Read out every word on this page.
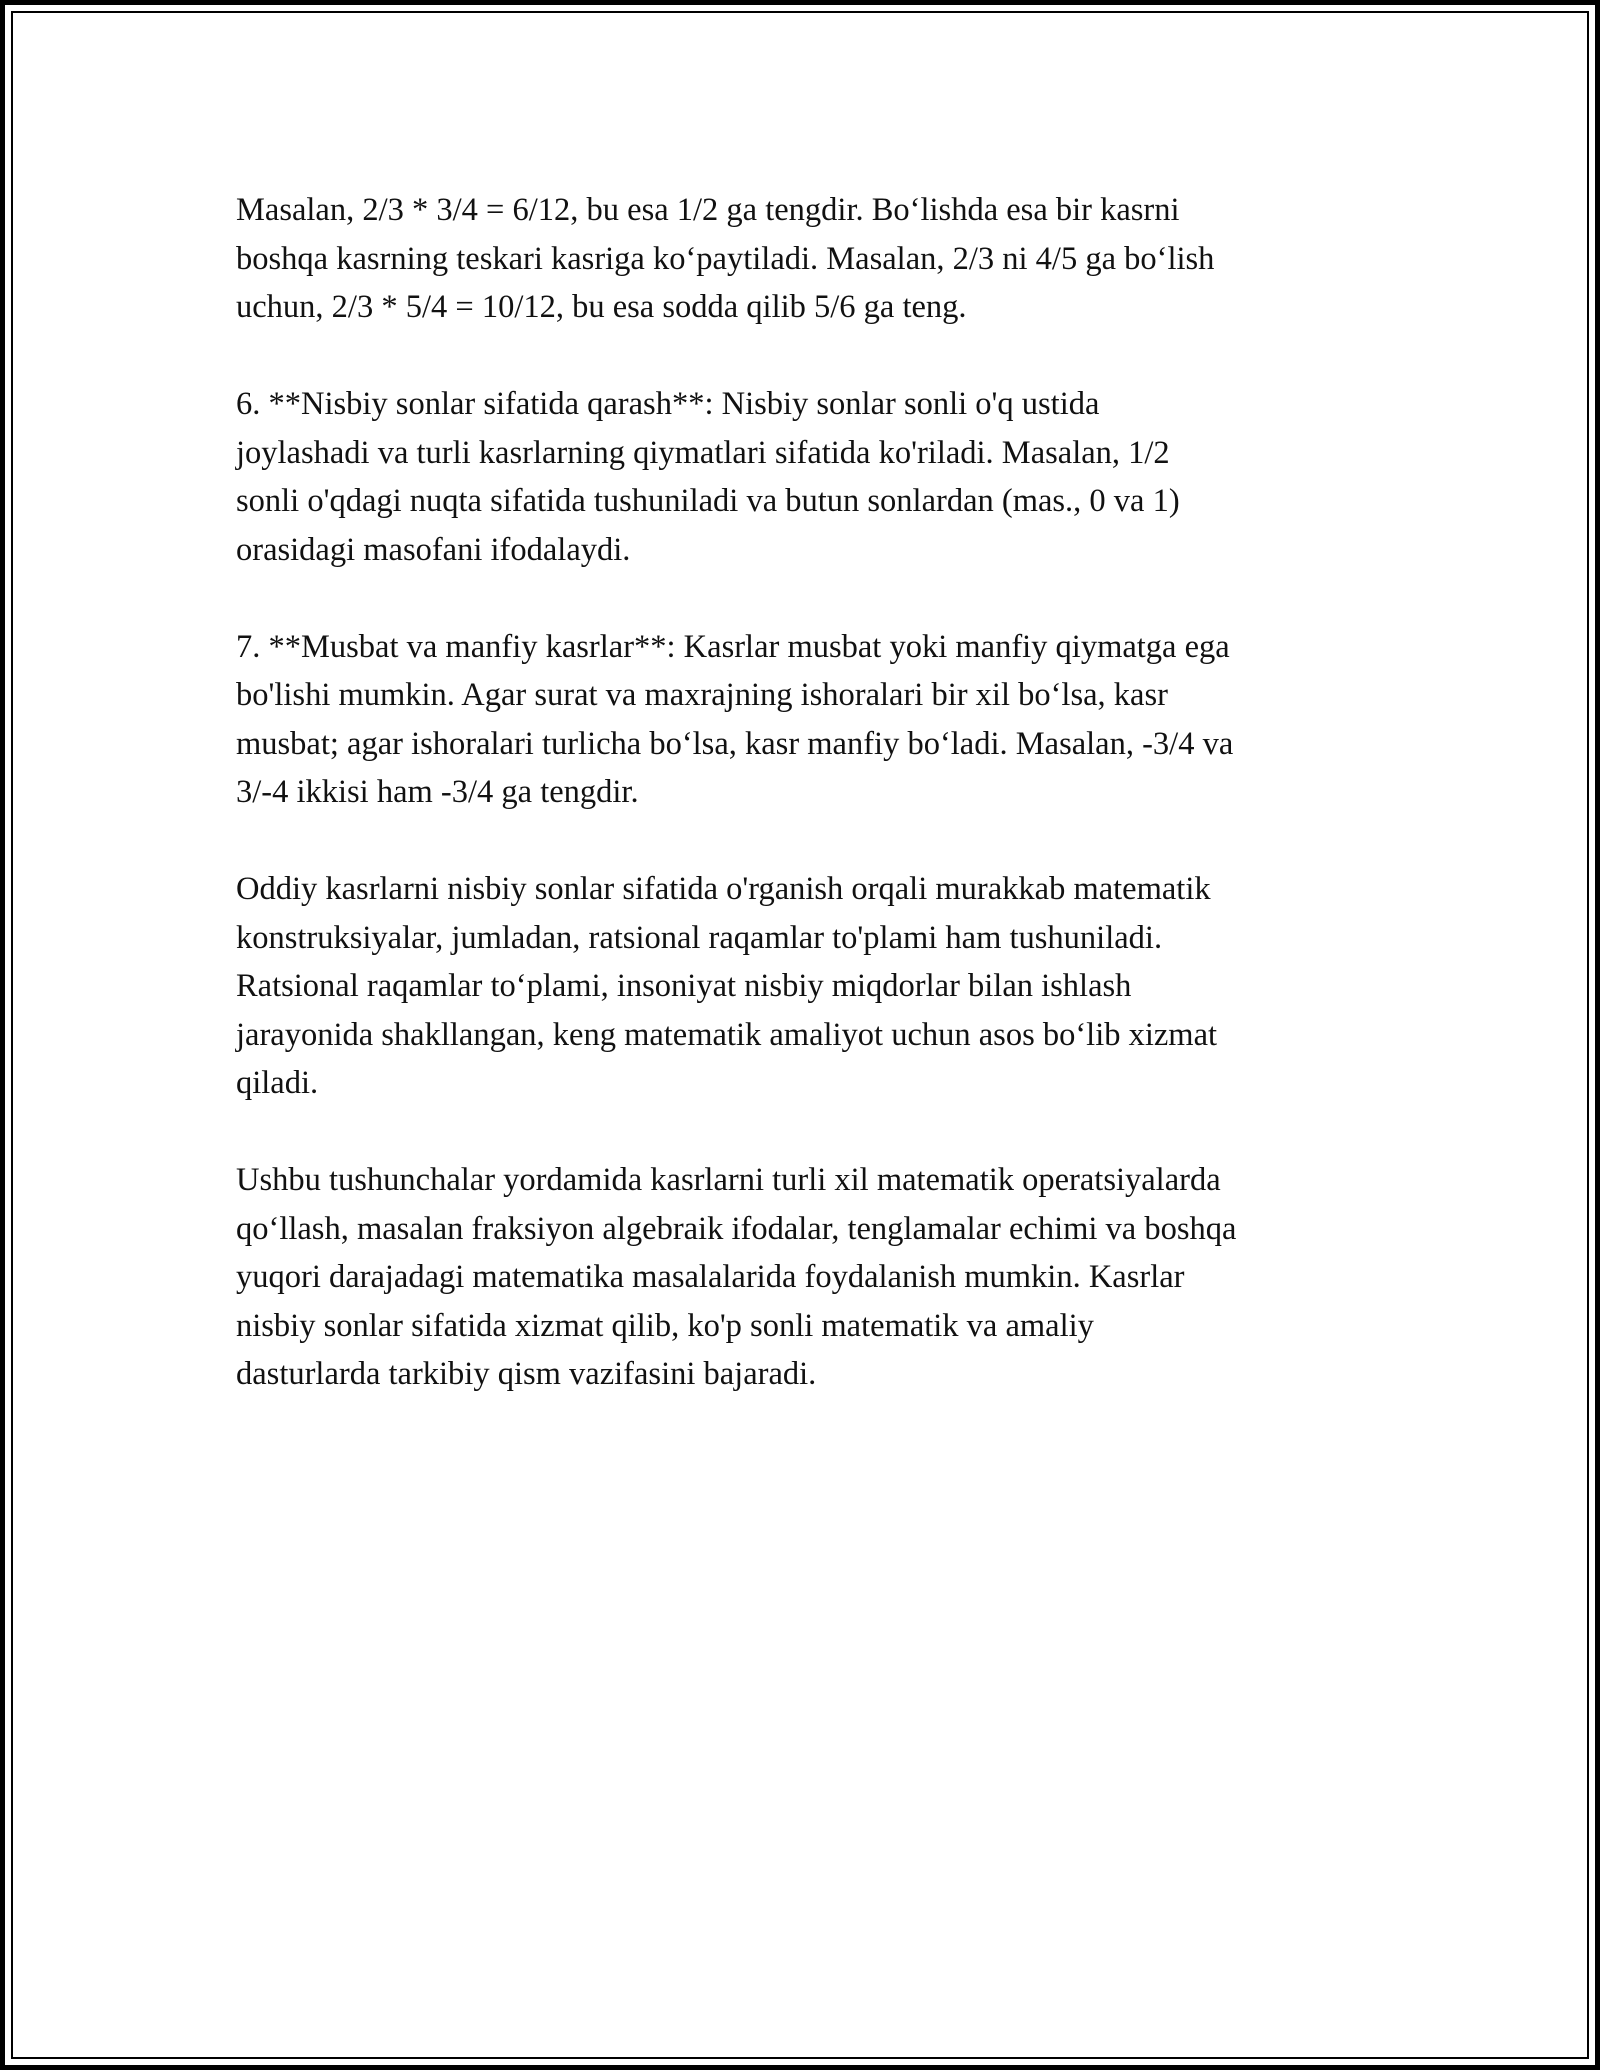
Masalan, 2/3 * 3/4 = 6/12, bu esa 1/2 ga tengdir. Bo‘lishda esa bir kasrni
boshqa kasrning teskari kasriga ko‘paytiladi. Masalan, 2/3 ni 4/5 ga bo‘lish
uchun, 2/3 * 5/4 = 10/12, bu esa sodda qilib 5/6 ga teng.

6. **Nisbiy sonlar sifatida qarash**: Nisbiy sonlar sonli o'q ustida
joylashadi va turli kasrlarning qiymatlari sifatida ko'riladi. Masalan, 1/2
sonli o'qdagi nuqta sifatida tushuniladi va butun sonlardan (mas., 0 va 1)
orasidagi masofani ifodalaydi.

7. **Musbat va manfiy kasrlar**: Kasrlar musbat yoki manfiy qiymatga ega
bo'lishi mumkin. Agar surat va maxrajning ishoralari bir xil bo‘lsa, kasr
musbat; agar ishoralari turlicha bo‘lsa, kasr manfiy bo‘ladi. Masalan, -3/4 va
3/-4 ikkisi ham -3/4 ga tengdir.

Oddiy kasrlarni nisbiy sonlar sifatida o'rganish orqali murakkab matematik
konstruksiyalar, jumladan, ratsional raqamlar to'plami ham tushuniladi.
Ratsional raqamlar to‘plami, insoniyat nisbiy miqdorlar bilan ishlash
jarayonida shakllangan, keng matematik amaliyot uchun asos bo‘lib xizmat
qiladi.

Ushbu tushunchalar yordamida kasrlarni turli xil matematik operatsiyalarda
qo‘llash, masalan fraksiyon algebraik ifodalar, tenglamalar echimi va boshqa
yuqori darajadagi matematika masalalarida foydalanish mumkin. Kasrlar
nisbiy sonlar sifatida xizmat qilib, ko'p sonli matematik va amaliy
dasturlarda tarkibiy qism vazifasini bajaradi.
